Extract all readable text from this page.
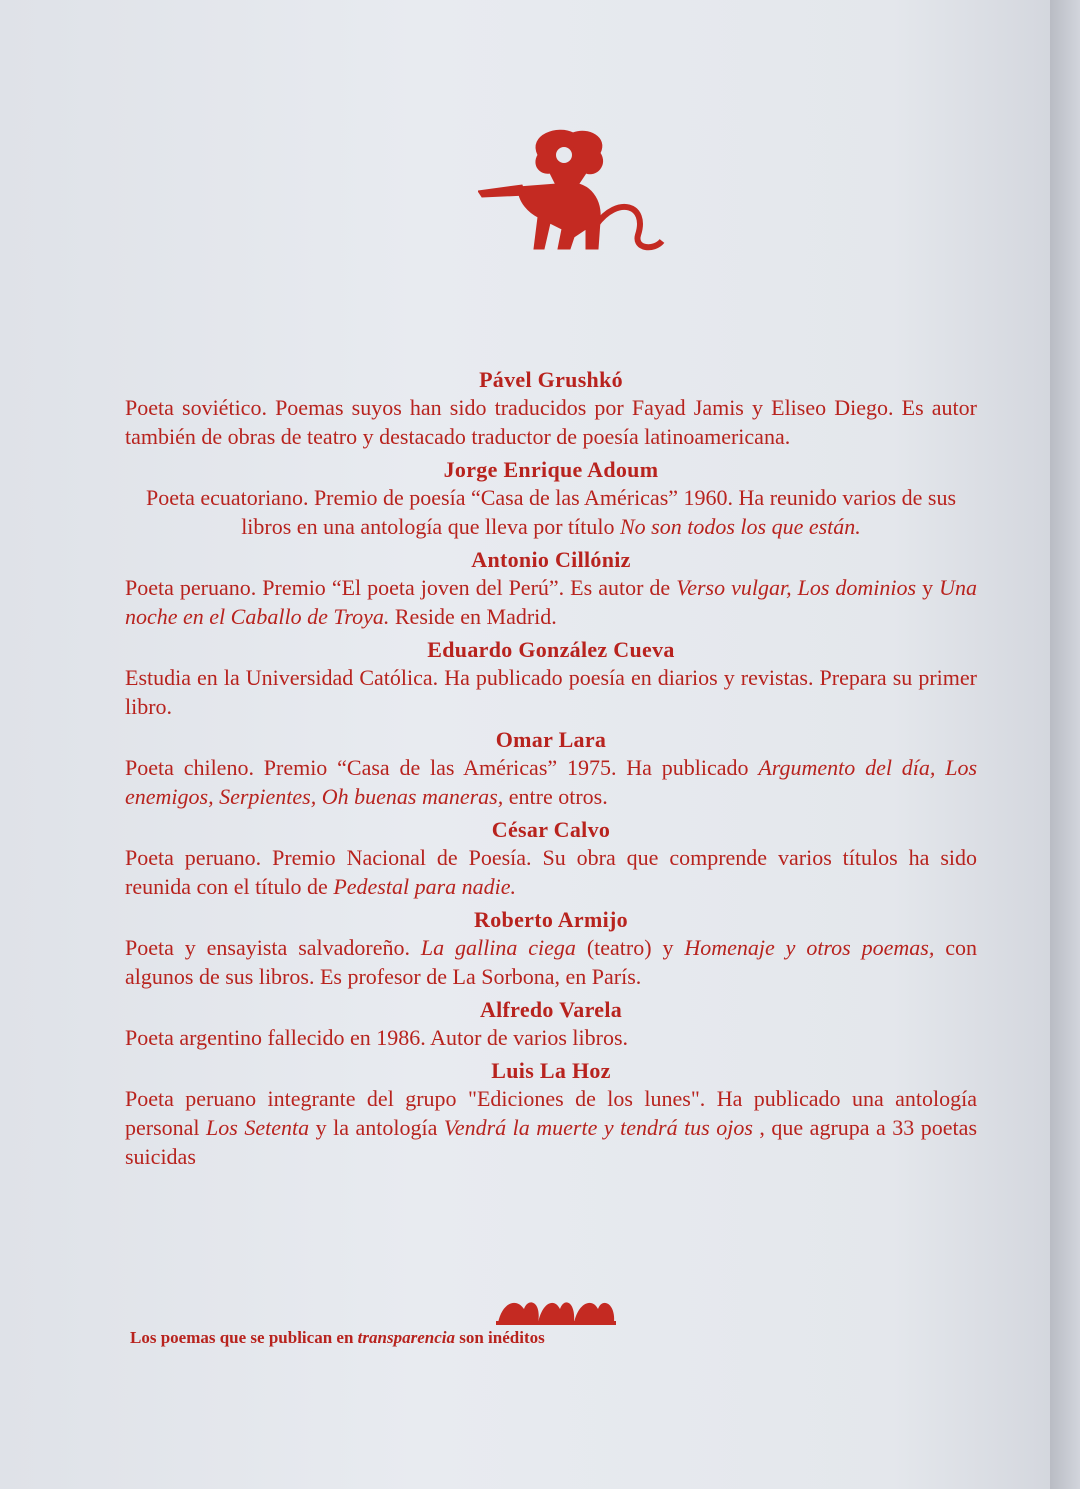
Pável Grushkó
Poeta soviético. Poemas suyos han sido traducidos por Fayad Jamis y Eliseo Diego. Es autor también de obras de teatro y destacado traductor de poesía latinoamericana.
Jorge Enrique Adoum
Poeta ecuatoriano. Premio de poesía “Casa de las Américas” 1960. Ha reunido varios de sus libros en una antología que lleva por título No son todos los que están.
Antonio Cillóniz
Poeta peruano. Premio “El poeta joven del Perú”. Es autor de Verso vulgar, Los dominios y Una noche en el Caballo de Troya. Reside en Madrid.
Eduardo González Cueva
Estudia en la Universidad Católica. Ha publicado poesía en diarios y revistas. Prepara su primer libro.
Omar Lara
Poeta chileno. Premio “Casa de las Américas” 1975. Ha publicado Argumento del día, Los enemigos, Serpientes, Oh buenas maneras, entre otros.
César Calvo
Poeta peruano. Premio Nacional de Poesía. Su obra que comprende varios títulos ha sido reunida con el título de Pedestal para nadie.
Roberto Armijo
Poeta y ensayista salvadoreño. La gallina ciega (teatro) y Homenaje y otros poemas, con algunos de sus libros. Es profesor de La Sorbona, en París.
Alfredo Varela
Poeta argentino fallecido en 1986. Autor de varios libros.
Luis La Hoz
Poeta peruano integrante del grupo "Ediciones de los lunes". Ha publicado una antología personal Los Setenta y la antología Vendrá la muerte y tendrá tus ojos , que agrupa a 33 poetas suicidas
Los poemas que se publican en transparencia son inéditos
